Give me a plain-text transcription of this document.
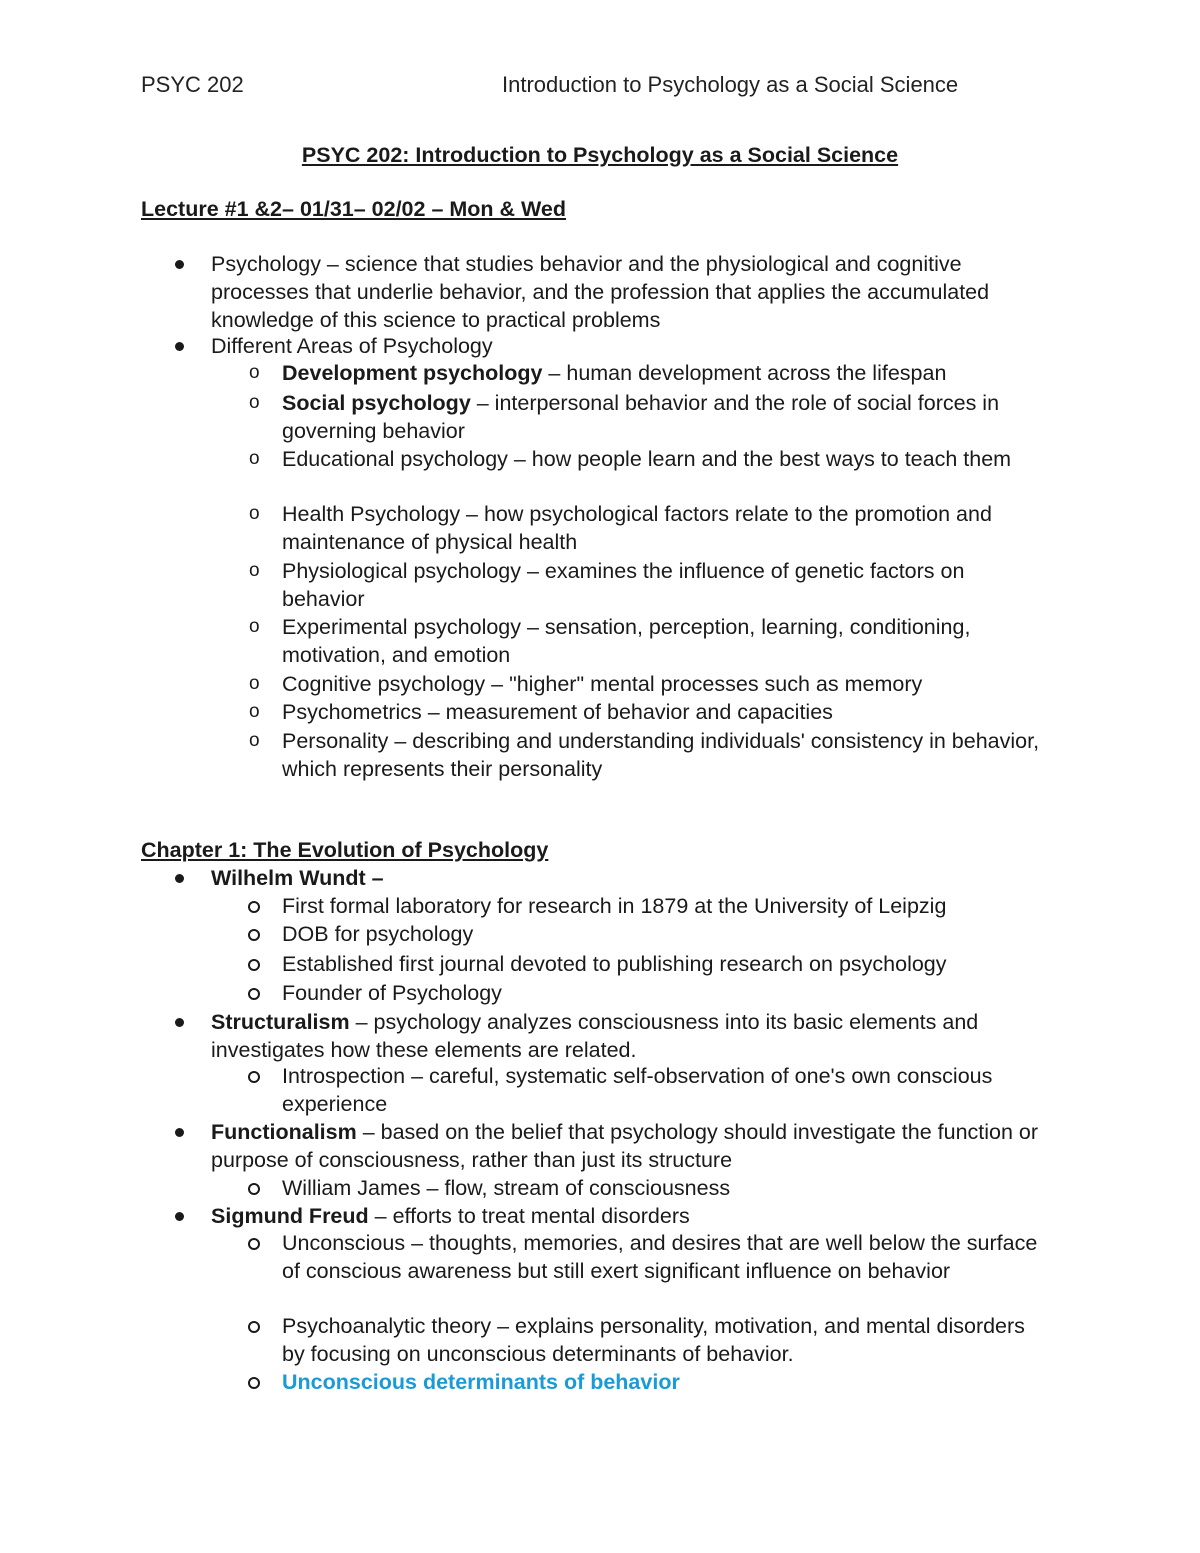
PSYC 202	Introduction to Psychology as a Social Science
PSYC 202: Introduction to Psychology as a Social Science
Lecture #1 &2– 01/31– 02/02 – Mon & Wed
Psychology – science that studies behavior and the physiological and cognitive processes that underlie behavior, and the profession that applies the accumulated knowledge of this science to practical problems
Different Areas of Psychology
o Development psychology – human development across the lifespan
o Social psychology – interpersonal behavior and the role of social forces in governing behavior
o Educational psychology – how people learn and the best ways to teach them
o Health Psychology – how psychological factors relate to the promotion and maintenance of physical health
o Physiological psychology – examines the influence of genetic factors on behavior
o Experimental psychology – sensation, perception, learning, conditioning, motivation, and emotion
o Cognitive psychology – "higher" mental processes such as memory
o Psychometrics – measurement of behavior and capacities
o Personality – describing and understanding individuals' consistency in behavior, which represents their personality
Chapter 1: The Evolution of Psychology
Wilhelm Wundt –
First formal laboratory for research in 1879 at the University of Leipzig
DOB for psychology
Established first journal devoted to publishing research on psychology
Founder of Psychology
Structuralism – psychology analyzes consciousness into its basic elements and investigates how these elements are related.
Introspection – careful, systematic self-observation of one's own conscious experience
Functionalism – based on the belief that psychology should investigate the function or purpose of consciousness, rather than just its structure
William James – flow, stream of consciousness
Sigmund Freud – efforts to treat mental disorders
Unconscious – thoughts, memories, and desires that are well below the surface of conscious awareness but still exert significant influence on behavior
Psychoanalytic theory – explains personality, motivation, and mental disorders by focusing on unconscious determinants of behavior.
Unconscious determinants of behavior
